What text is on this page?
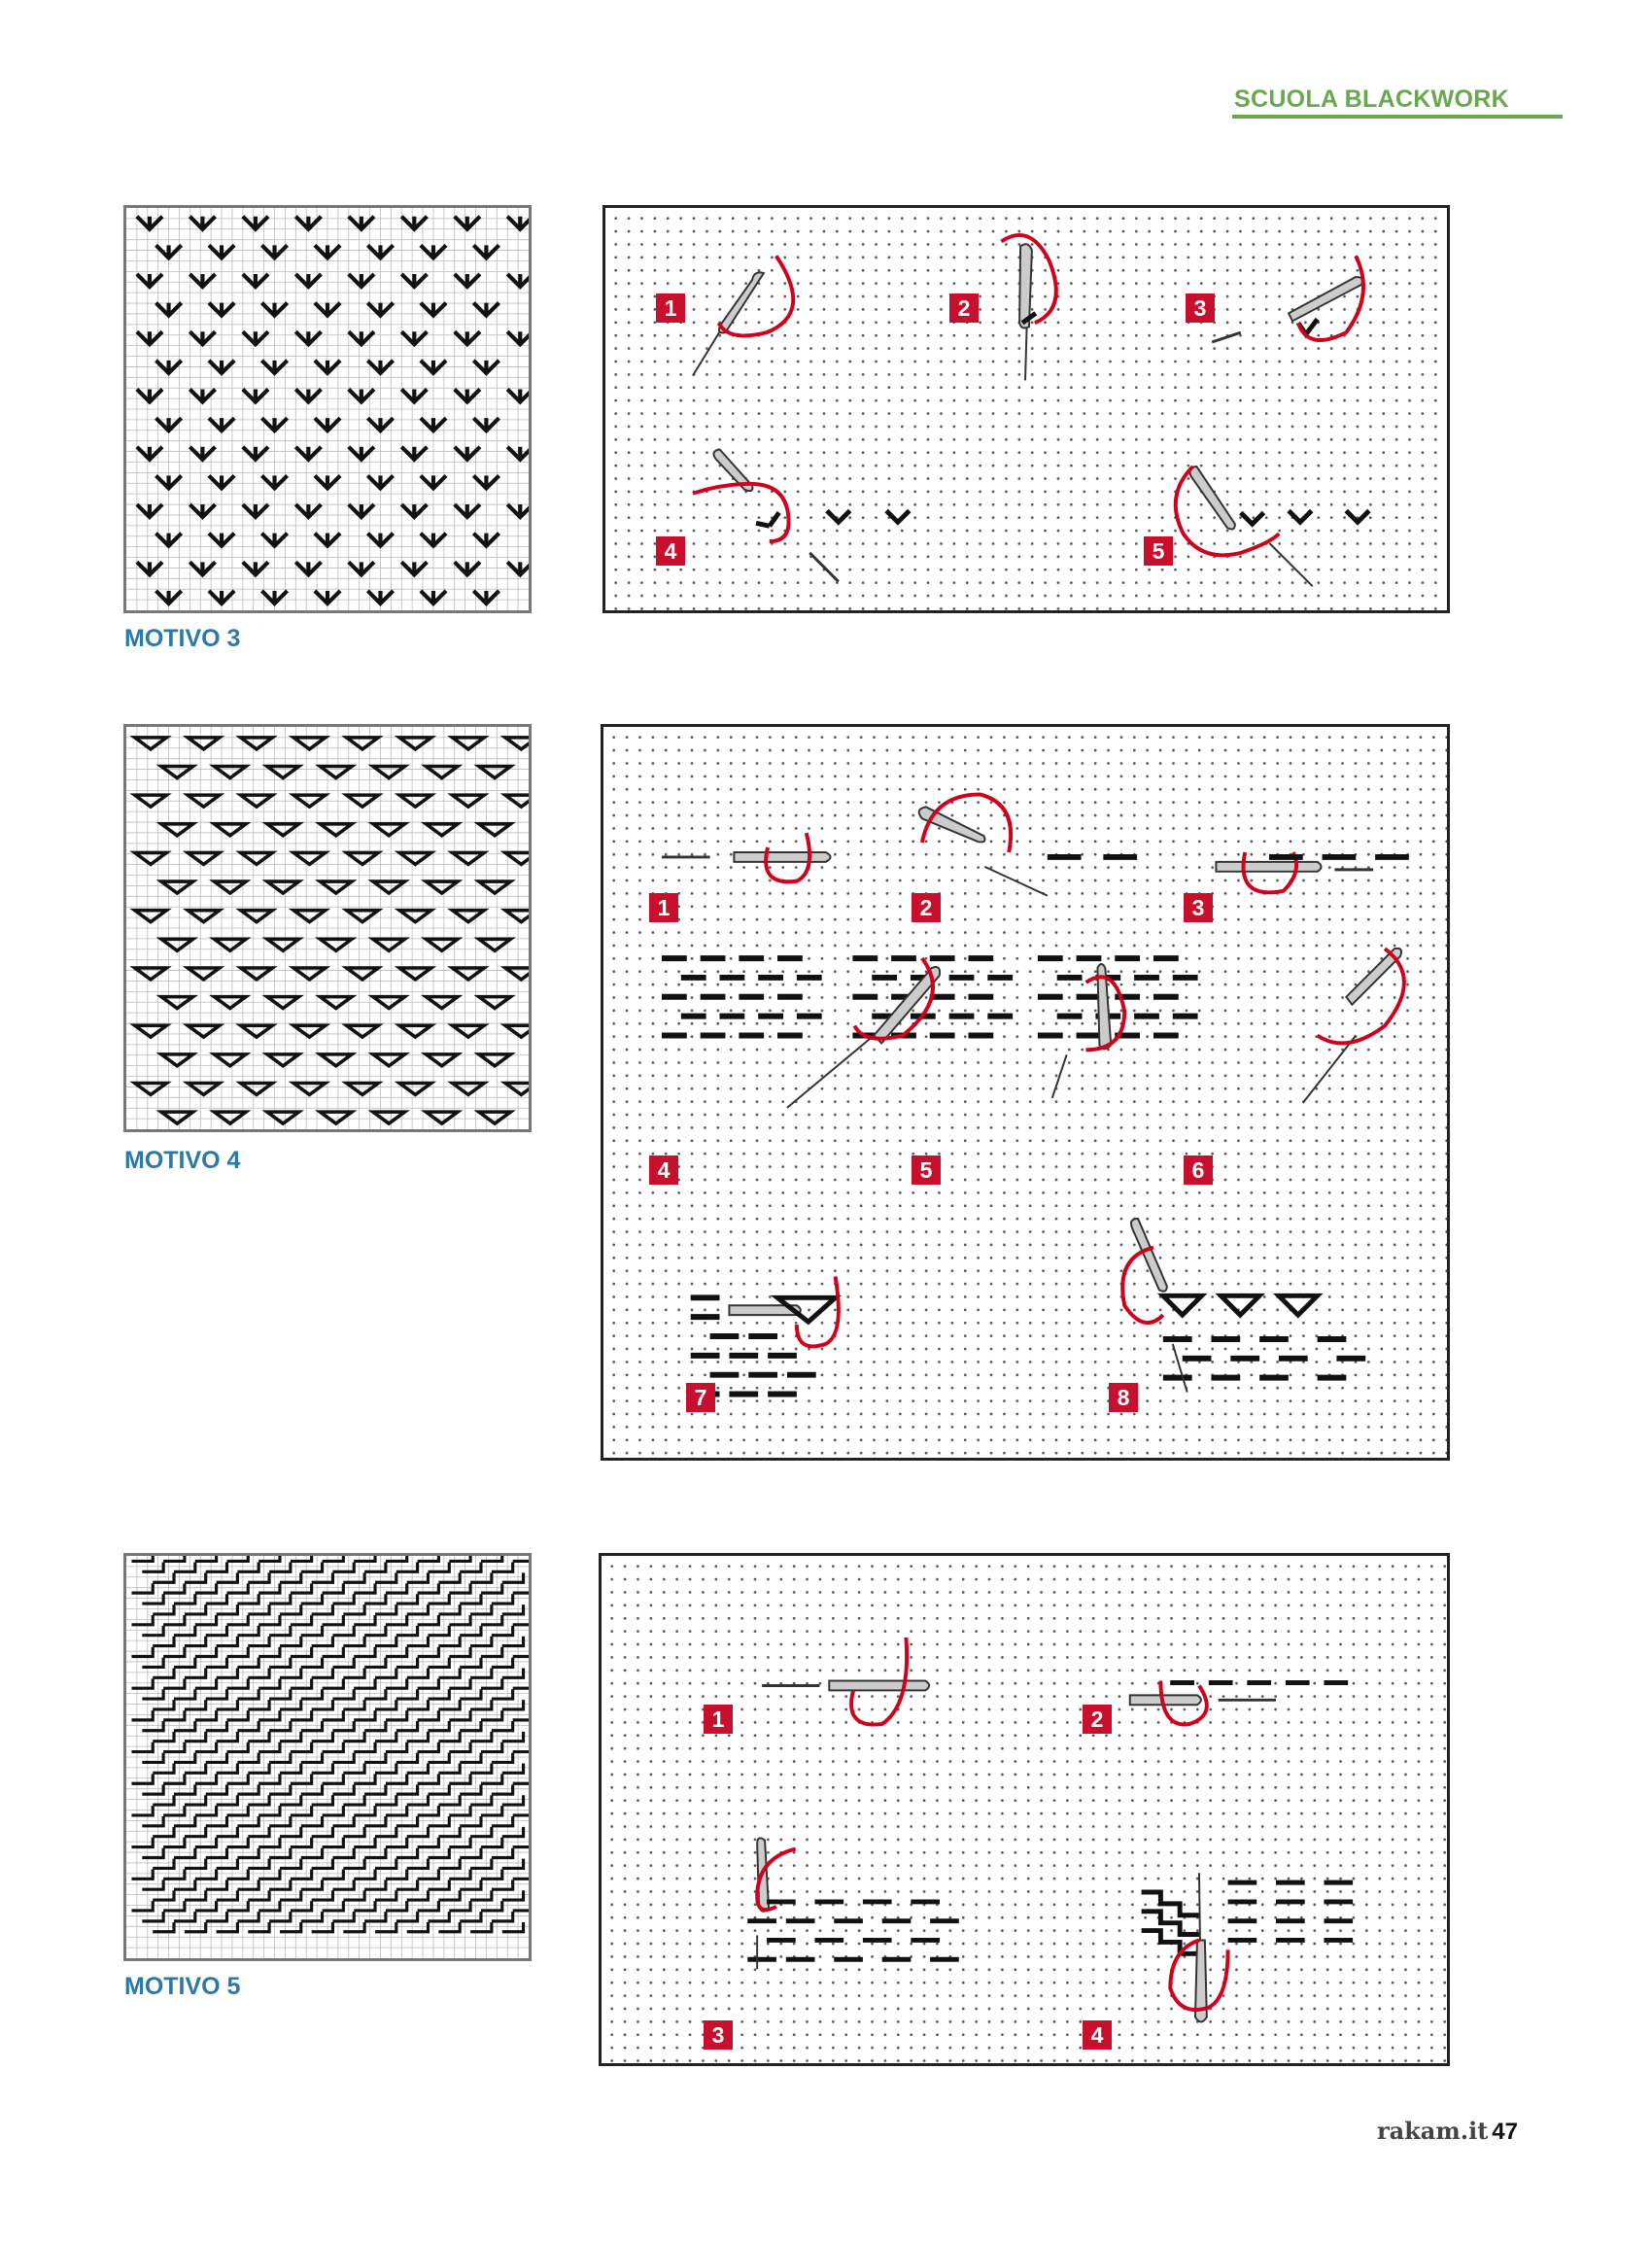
SCUOLA BLACKWORK
MOTIVO 3
1	2	3
4	5
MOTIVO 4
1	2	3
4	5	6
7	8
MOTIVO 5
1	2
3	4
rakam.it 47
